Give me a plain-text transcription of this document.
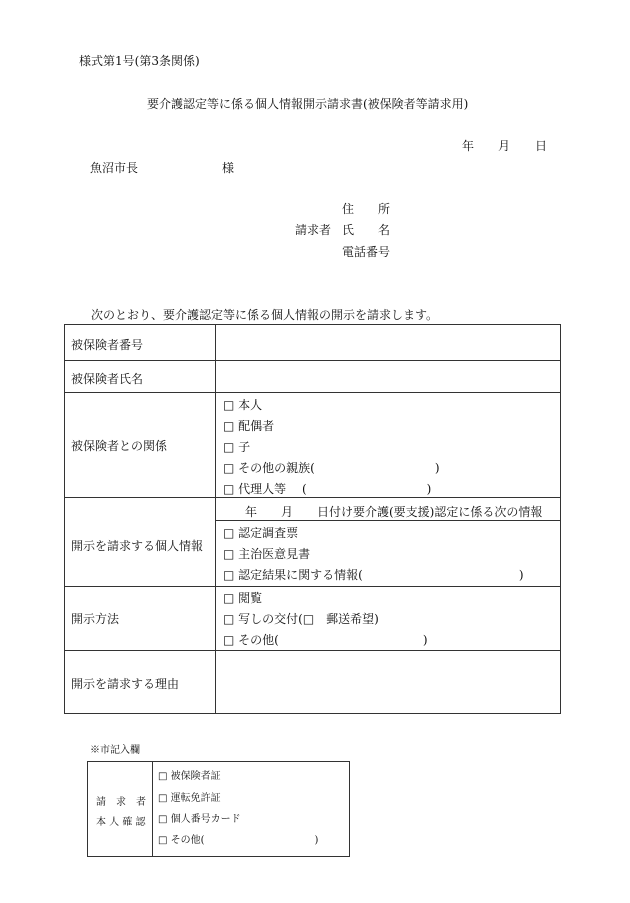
様式第1号(第3条関係)
要介護認定等に係る個人情報開示請求書(被保険者等請求用)
年 月 日
魚沼市長	様
住　　所
請求者 氏　　名
電話番号
次のとおり、要介護認定等に係る個人情報の開示を請求します。
被保険者番号
被保険者氏名
被保険者との関係
□ 本人
□ 配偶者
□ 子
□ その他の親族(　　　　　　　　　　)
□ 代理人等　 (　　　　　　　　　　)
開示を請求する個人情報
年　　月　　日付け要介護(要支援)認定に係る次の情報
□ 認定調査票
□ 主治医意見書
□ 認定結果に関する情報(　　　　　　　　　　　　　)
開示方法
□ 閲覧
□ 写しの交付(□　郵送希望)
□ その他(　　　　　　　　　　　　)
開示を請求する理由
※市記入欄
請　求　者
本 人 確 認
□ 被保険者証
□ 運転免許証
□ 個人番号カード
□ その他(　　　　　　　　　　　)
